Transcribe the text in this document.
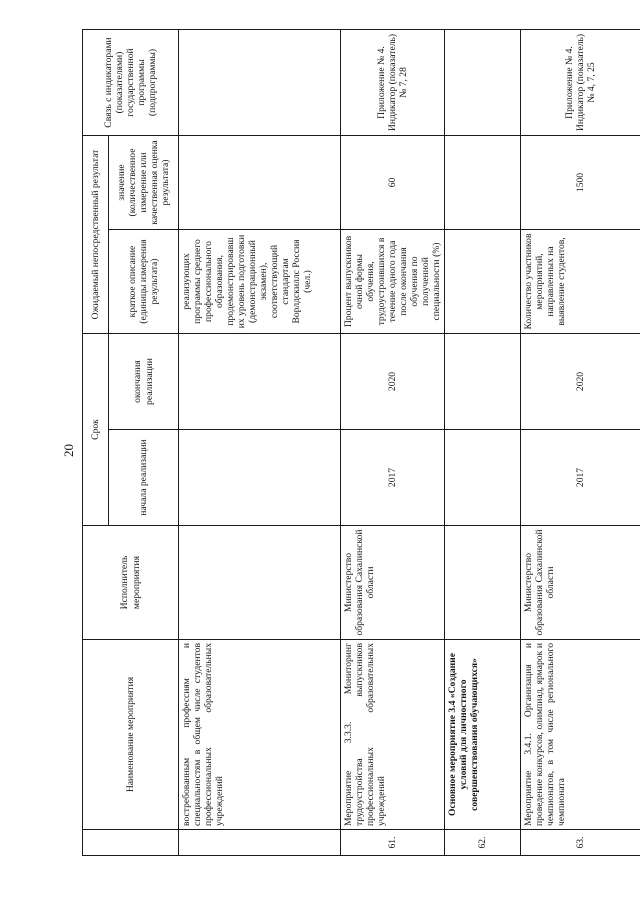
20
	Наименование мероприятия	Исполнитель мероприятия	Срок		Ожидаемый непосредственный результат		Связь с индикаторами (показателями) государственной программы (подпрограммы)
			начала реализации	окончания реализации	краткое описание (единицы измерения результата)	значение (количественное измерение или качественная оценка результата)	
	востребованным профессиям и специальностям в общем числе студентов профессиональных образовательных учреждений				реализующих программы среднего профессионального образования, продемонстрировавш их уровень подготовки (демонстрационный экзамен), соответствующий стандартам Ворлдскиллс Россия (чел.)		
61.	Мероприятие 3.3.3. Мониторинг трудоустройства выпускников профессиональных образовательных учреждений	Министерство образования Сахалинской области	2017	2020	Процент выпускников очной формы обучения, трудоустроившихся в течение одного года после окончания обучения по полученной специальности (%)	60	Приложение № 4. Индикатор (показатель) № 7, 28
62.	Основное мероприятие 3.4 «Создание условий для личностного совершенствования обучающихся»						
63.	Мероприятие 3.4.1. Организация и проведение конкурсов, олимпиад, ярмарок и чемпионатов, в том числе регионального чемпионата	Министерство образования Сахалинской области	2017	2020	Количество участников мероприятий, направленных на выявление студентов,	1500	Приложение № 4. Индикатор (показатель) № 4, 7, 25
